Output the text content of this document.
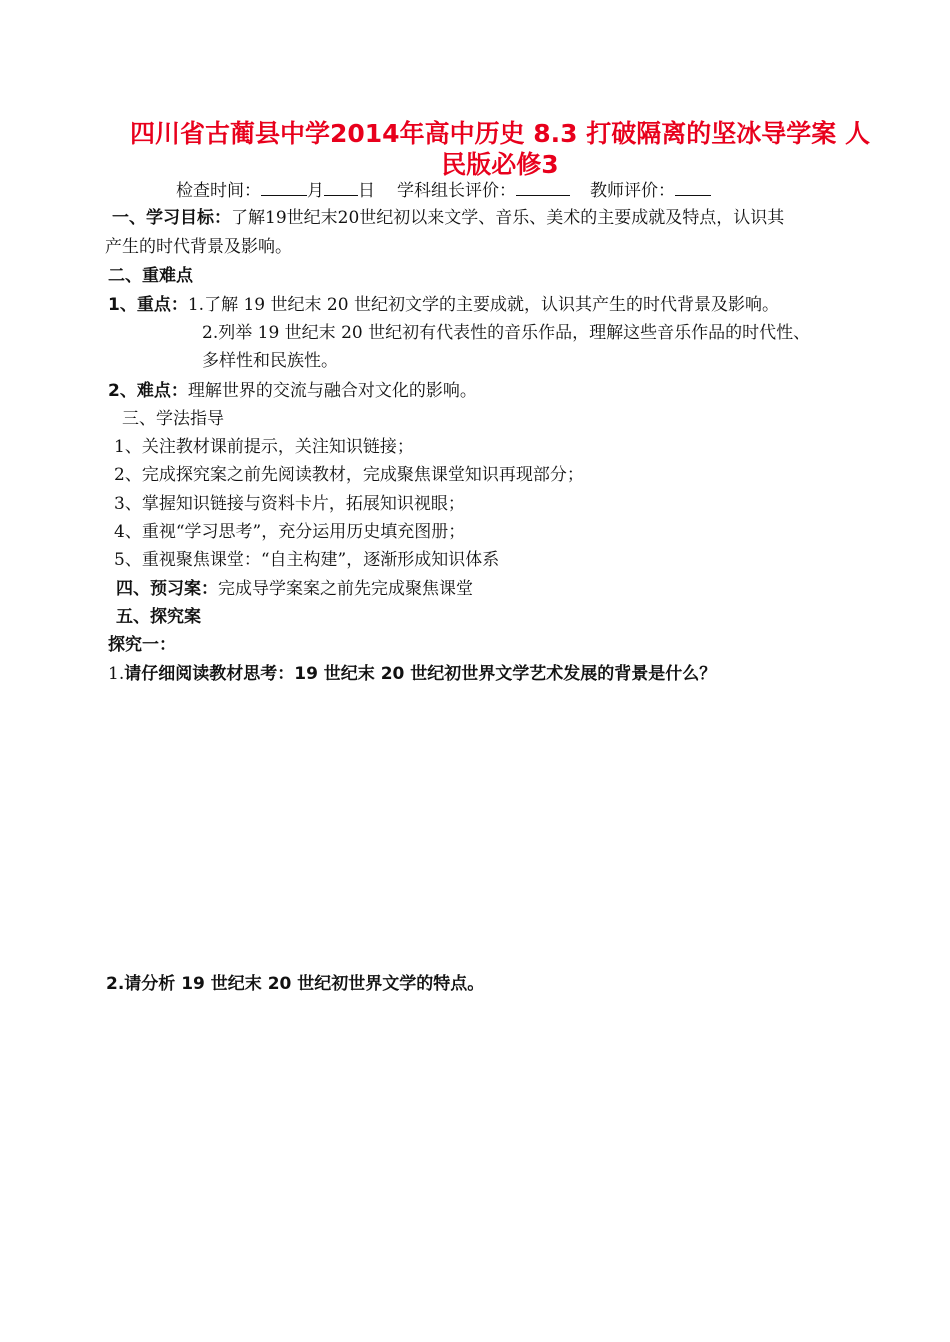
四川省古蔺县中学2014年高中历史 8.3 打破隔离的坚冰导学案 人
民版必修3
检查时间：	月 日 学科组长评价：	教师评价：
一、学习目标：了解19世纪末20世纪初以来文学、音乐、美术的主要成就及特点，认识其
产生的时代背景及影响。
二、重难点
1、重点：1.了解 19 世纪末 20 世纪初文学的主要成就，认识其产生的时代背景及影响。
2.列举 19 世纪末 20 世纪初有代表性的音乐作品，理解这些音乐作品的时代性、
多样性和民族性。
2、难点：理解世界的交流与融合对文化的影响。
三、学法指导
1、关注教材课前提示，关注知识链接；
2、完成探究案之前先阅读教材，完成聚焦课堂知识再现部分；
3、掌握知识链接与资料卡片，拓展知识视眼；
4、重视“学习思考”，充分运用历史填充图册；
5、重视聚焦课堂：“自主构建”，逐渐形成知识体系
四、预习案：完成导学案案之前先完成聚焦课堂
五、探究案
探究一：
1.请仔细阅读教材思考：19 世纪末 20 世纪初世界文学艺术发展的背景是什么？
2.请分析 19 世纪末 20 世纪初世界文学的特点。
